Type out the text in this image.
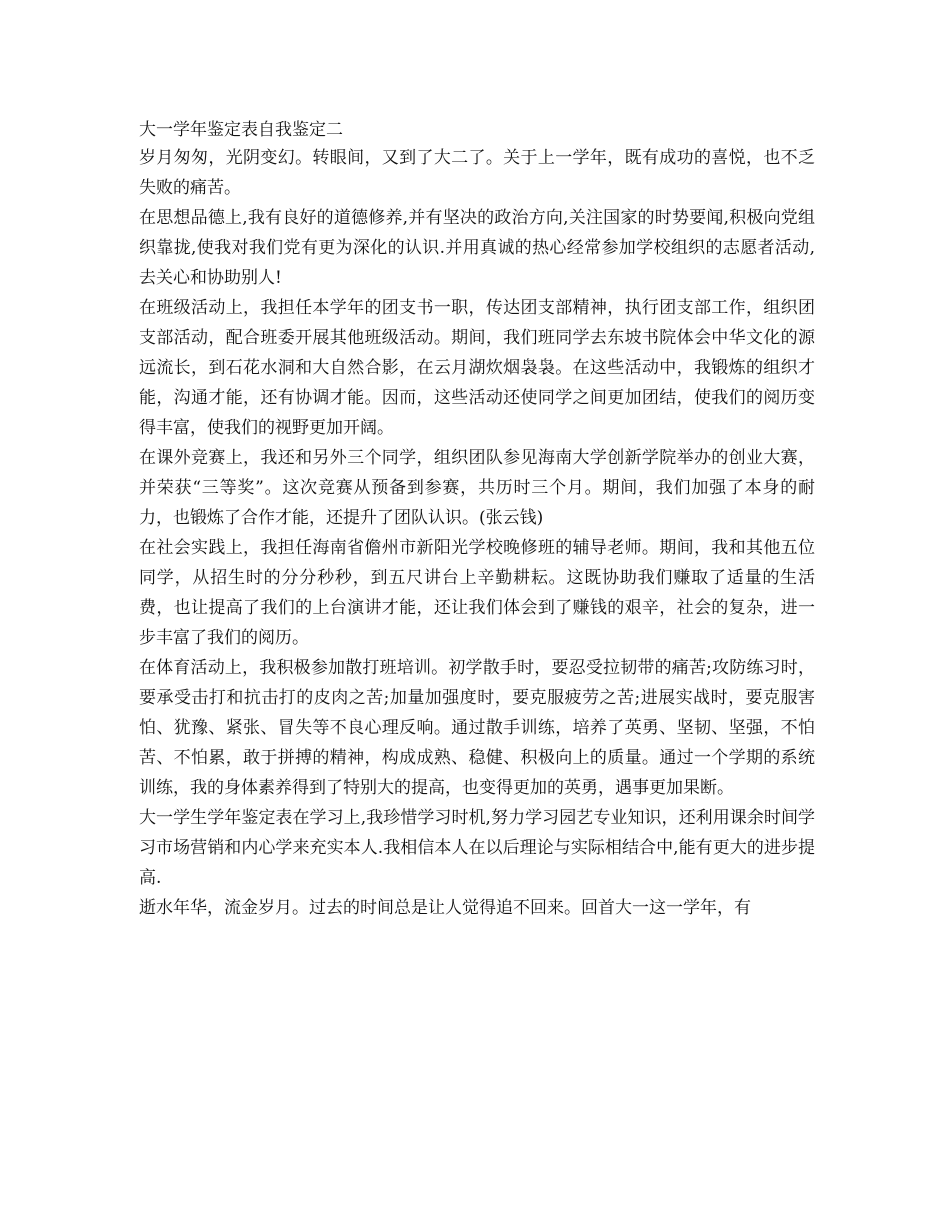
大一学年鉴定表自我鉴定二

岁月匆匆，光阴变幻。转眼间，又到了大二了。关于上一学年，既有成功的喜悦，也不乏失败的痛苦。

在思想品德上,我有良好的道德修养,并有坚决的政治方向,关注国家的时势要闻,积极向党组织靠拢,使我对我们党有更为深化的认识.并用真诚的热心经常参加学校组织的志愿者活动,去关心和协助别人!

在班级活动上，我担任本学年的团支书一职，传达团支部精神，执行团支部工作，组织团支部活动，配合班委开展其他班级活动。期间，我们班同学去东坡书院体会中华文化的源远流长，到石花水洞和大自然合影，在云月湖炊烟袅袅。在这些活动中，我锻炼的组织才能，沟通才能，还有协调才能。因而，这些活动还使同学之间更加团结，使我们的阅历变得丰富，使我们的视野更加开阔。

在课外竞赛上，我还和另外三个同学，组织团队参见海南大学创新学院举办的创业大赛，并荣获“三等奖”。这次竞赛从预备到参赛，共历时三个月。期间，我们加强了本身的耐力，也锻炼了合作才能，还提升了团队认识。(张云钱)

在社会实践上，我担任海南省儋州市新阳光学校晚修班的辅导老师。期间，我和其他五位同学，从招生时的分分秒秒，到五尺讲台上辛勤耕耘。这既协助我们赚取了适量的生活费，也让提高了我们的上台演讲才能，还让我们体会到了赚钱的艰辛，社会的复杂，进一步丰富了我们的阅历。

在体育活动上，我积极参加散打班培训。初学散手时，要忍受拉韧带的痛苦;攻防练习时，要承受击打和抗击打的皮肉之苦;加量加强度时，要克服疲劳之苦;进展实战时，要克服害怕、犹豫、紧张、冒失等不良心理反响。通过散手训练，培养了英勇、坚韧、坚强，不怕苦、不怕累，敢于拼搏的精神，构成成熟、稳健、积极向上的质量。通过一个学期的系统训练，我的身体素养得到了特别大的提高，也变得更加的英勇，遇事更加果断。

大一学生学年鉴定表在学习上,我珍惜学习时机,努力学习园艺专业知识，还利用课余时间学习市场营销和内心学来充实本人.我相信本人在以后理论与实际相结合中,能有更大的进步提高.

逝水年华，流金岁月。过去的时间总是让人觉得追不回来。回首大一这一学年，有
